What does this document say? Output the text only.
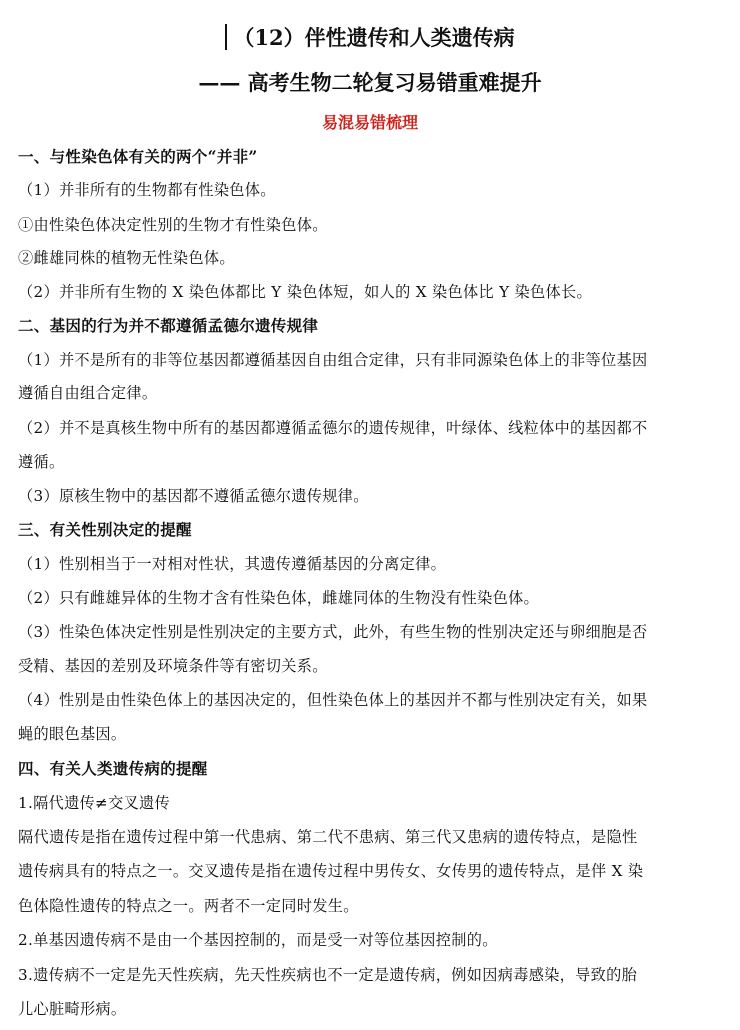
（12）伴性遗传和人类遗传病
—— 高考生物二轮复习易错重难提升
易混易错梳理
一、与性染色体有关的两个“并非”
（1）并非所有的生物都有性染色体。
①由性染色体决定性别的生物才有性染色体。
②雌雄同株的植物无性染色体。
（2）并非所有生物的 X 染色体都比 Y 染色体短，如人的 X 染色体比 Y 染色体长。
二、基因的行为并不都遵循孟德尔遗传规律
（1）并不是所有的非等位基因都遵循基因自由组合定律，只有非同源染色体上的非等位基因
遵循自由组合定律。
（2）并不是真核生物中所有的基因都遵循孟德尔的遗传规律，叶绿体、线粒体中的基因都不
遵循。
（3）原核生物中的基因都不遵循孟德尔遗传规律。
三、有关性别决定的提醒
（1）性别相当于一对相对性状，其遗传遵循基因的分离定律。
（2）只有雌雄异体的生物才含有性染色体，雌雄同体的生物没有性染色体。
（3）性染色体决定性别是性别决定的主要方式，此外，有些生物的性别决定还与卵细胞是否
受精、基因的差别及环境条件等有密切关系。
（4）性别是由性染色体上的基因决定的，但性染色体上的基因并不都与性别决定有关，如果
蝇的眼色基因。
四、有关人类遗传病的提醒
1.隔代遗传≠交叉遗传
隔代遗传是指在遗传过程中第一代患病、第二代不患病、第三代又患病的遗传特点，是隐性
遗传病具有的特点之一。交叉遗传是指在遗传过程中男传女、女传男的遗传特点，是伴 X 染
色体隐性遗传的特点之一。两者不一定同时发生。
2.单基因遗传病不是由一个基因控制的，而是受一对等位基因控制的。
3.遗传病不一定是先天性疾病，先天性疾病也不一定是遗传病，例如因病毒感染，导致的胎
儿心脏畸形病。
